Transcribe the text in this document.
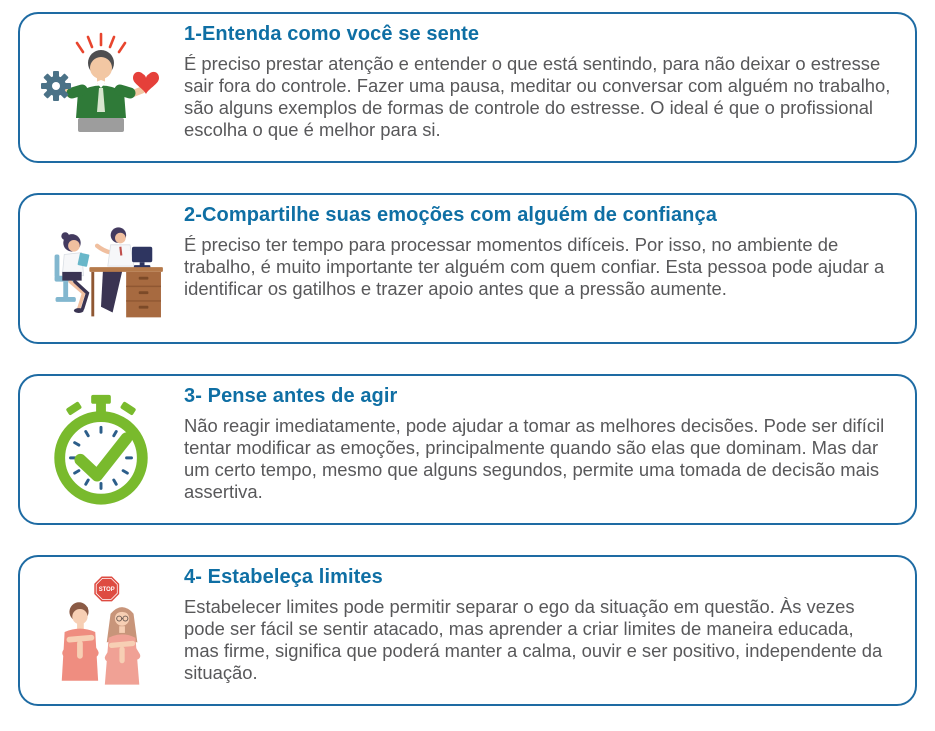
1-Entenda como você se sente

É preciso prestar atenção e entender o que está sentindo, para não deixar o estresse sair fora do controle. Fazer uma pausa, meditar ou conversar com alguém no trabalho, são alguns exemplos de formas de controle do estresse. O ideal é que o profissional escolha o que é melhor para si.

2-Compartilhe suas emoções com alguém de confiança

É preciso ter tempo para processar momentos difíceis. Por isso, no ambiente de trabalho, é muito importante ter alguém com quem confiar. Esta pessoa pode ajudar a identificar os gatilhos e trazer apoio antes que a pressão aumente.

3- Pense antes de agir

Não reagir imediatamente, pode ajudar a tomar as melhores decisões. Pode ser difícil tentar modificar as emoções, principalmente quando são elas que dominam. Mas dar um certo tempo, mesmo que alguns segundos, permite uma tomada de decisão mais assertiva.

STOP
4- Estabeleça limites

Estabelecer limites pode permitir separar o ego da situação em questão. Às vezes pode ser fácil se sentir atacado, mas aprender a criar limites de maneira educada, mas firme, significa que poderá manter a calma, ouvir e ser positivo, independente da situação.
